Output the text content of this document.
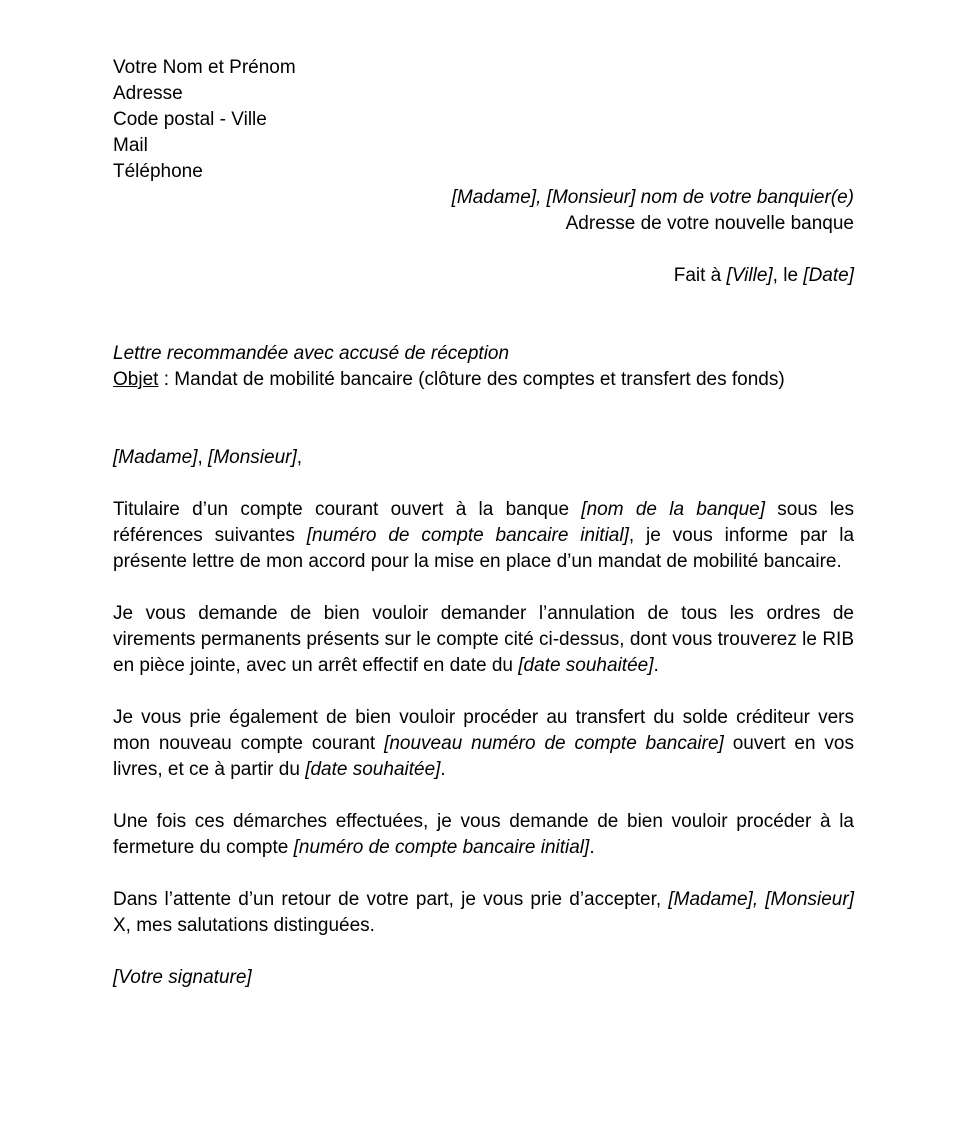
Votre Nom et Prénom
Adresse
Code postal - Ville
Mail
Téléphone
[Madame], [Monsieur] nom de votre banquier(e)
Adresse de votre nouvelle banque
Fait à [Ville], le [Date]
Lettre recommandée avec accusé de réception
Objet : Mandat de mobilité bancaire (clôture des comptes et transfert des fonds)
[Madame], [Monsieur],

Titulaire d’un compte courant ouvert à la banque [nom de la banque] sous les références suivantes [numéro de compte bancaire initial], je vous informe par la présente lettre de mon accord pour la mise en place d’un mandat de mobilité bancaire.

Je vous demande de bien vouloir demander l’annulation de tous les ordres de virements permanents présents sur le compte cité ci-dessus, dont vous trouverez le RIB en pièce jointe, avec un arrêt effectif en date du [date souhaitée].

Je vous prie également de bien vouloir procéder au transfert du solde créditeur vers mon nouveau compte courant [nouveau numéro de compte bancaire] ouvert en vos livres, et ce à partir du [date souhaitée].

Une fois ces démarches effectuées, je vous demande de bien vouloir procéder à la fermeture du compte [numéro de compte bancaire initial].

Dans l’attente d’un retour de votre part, je vous prie d’accepter, [Madame], [Monsieur] X, mes salutations distinguées.

[Votre signature]
